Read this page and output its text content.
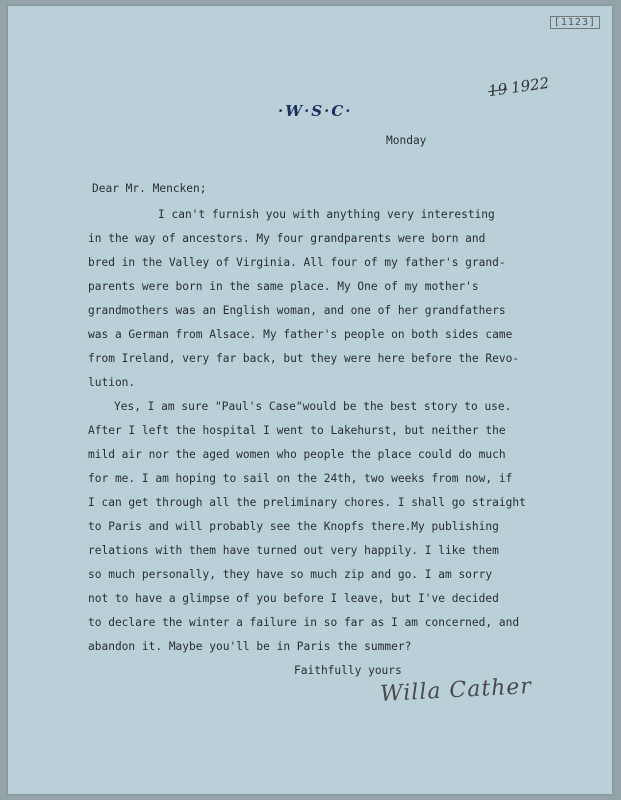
[1123]
191922
·W·S·C·
Monday
Dear Mr. Mencken;
I can't furnish you with anything very interesting
in the way of ancestors. My four grandparents were born and
bred in the Valley of Virginia. All four of my father's grand-
parents were born in the same place. My One of my mother's
grandmothers was an English woman, and one of her grandfathers
was a German from Alsace. My father's people on both sides came
from Ireland, very far back, but they were here before the Revo-
lution.
Yes, I am sure "Paul's Case"would be the best story to use.
After I left the hospital I went to Lakehurst, but neither the
mild air nor the aged women who people the place could do much
for me. I am hoping to sail on the 24th, two weeks from now, if
I can get through all the preliminary chores. I shall go straight
to Paris and will probably see the Knopfs there.My publishing
relations with them have turned out very happily. I like them
so much personally, they have so much zip and go. I am sorry
not to have a glimpse of you before I leave, but I've decided
to declare the winter a failure in so far as I am concerned, and
abandon it. Maybe you'll be in Paris the summer?
Faithfully yours
Willa Cather
